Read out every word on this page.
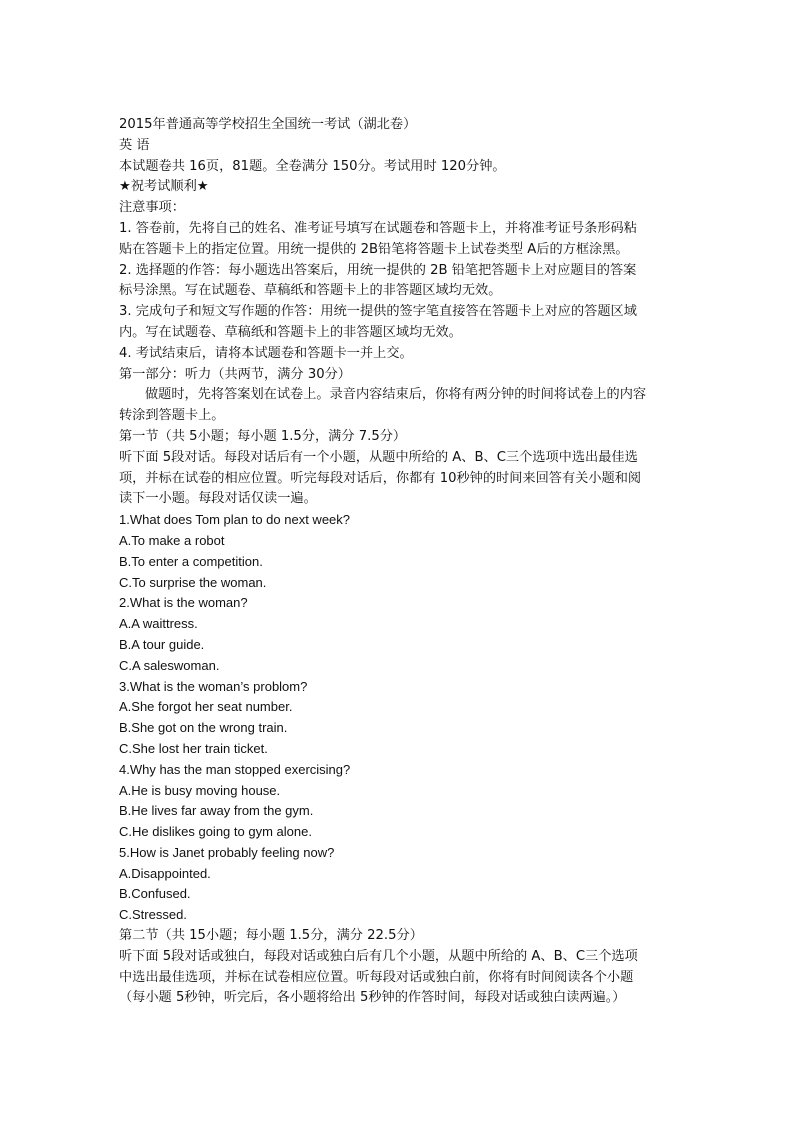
2015年普通高等学校招生全国统一考试（湖北卷）
英 语
本试题卷共 16页，81题。全卷满分 150分。考试用时 120分钟。
★祝考试顺利★
注意事项：
1. 答卷前，先将自己的姓名、准考证号填写在试题卷和答题卡上，并将准考证号条形码粘
贴在答题卡上的指定位置。用统一提供的 2B铅笔将答题卡上试卷类型 A后的方框涂黑。
2. 选择题的作答：每小题选出答案后，用统一提供的 2B 铅笔把答题卡上对应题目的答案
标号涂黑。写在试题卷、草稿纸和答题卡上的非答题区域均无效。
3. 完成句子和短文写作题的作答：用统一提供的签字笔直接答在答题卡上对应的答题区域
内。写在试题卷、草稿纸和答题卡上的非答题区域均无效。
4. 考试结束后，请将本试题卷和答题卡一并上交。
第一部分：听力（共两节，满分 30分）
做题时，先将答案划在试卷上。录音内容结束后，你将有两分钟的时间将试卷上的内容
转涂到答题卡上。
第一节（共 5小题；每小题 1.5分，满分 7.5分）
听下面 5段对话。每段对话后有一个小题，从题中所给的 A、B、C三个选项中选出最佳选
项，并标在试卷的相应位置。听完每段对话后，你都有 10秒钟的时间来回答有关小题和阅
读下一小题。每段对话仅读一遍。
1.What does Tom plan to do next week?
A.To make a robot
B.To enter a competition.
C.To surprise the woman.
2.What is the woman?
A.A waittress.
B.A tour guide.
C.A saleswoman.
3.What is the woman’s problom?
A.She forgot her seat number.
B.She got on the wrong train.
C.She lost her train ticket.
4.Why has the man stopped exercising?
A.He is busy moving house.
B.He lives far away from the gym.
C.He dislikes going to gym alone.
5.How is Janet probably feeling now?
A.Disappointed.
B.Confused.
C.Stressed.
第二节（共 15小题；每小题 1.5分，满分 22.5分）
听下面 5段对话或独白，每段对话或独白后有几个小题，从题中所给的 A、B、C三个选项
中选出最佳选项，并标在试卷相应位置。听每段对话或独白前，你将有时间阅读各个小题
（每小题 5秒钟，听完后，各小题将给出 5秒钟的作答时间，每段对话或独白读两遍。）
